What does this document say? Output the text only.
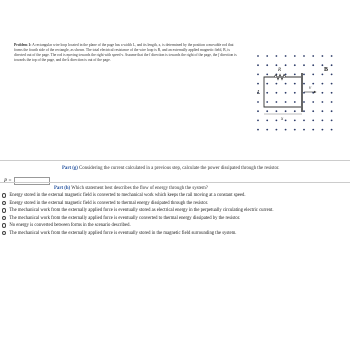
Problem 1: A rectangular wire loop located in the plane of the page has a width L, and its length, x, is determined by the position a movable rod that forms the fourth side of the rectangle, as shown. The total electrical resistance of the wire loop is R, and an externally applied magnetic field, B, is directed out of the page. The rod is moving towards the right with speed v. Assume that the î direction is towards the right of the page, the ĵ direction is towards the top of the page, and the k̂ direction is out of the page.
R	B
L
x
v
Part (g) Considering the current calculated in a previous step, calculate the power dissipated through the resistor.
P =
Part (h) Which statement best describes the flow of energy through the system?
Energy stored in the external magnetic field is converted to mechanical work which keeps the rail moving at a constant speed.
Energy stored in the external magnetic field is converted to thermal energy dissipated through the resistor.
The mechanical work from the externally applied force is eventually stored as electrical energy in the perpetually circulating electric current.
The mechanical work from the externally applied force is eventually converted to thermal energy dissipated by the resistor.
No energy is converted between forms in the scenario described.
The mechanical work from the externally applied force is eventually stored in the magnetic field surrounding the system.
